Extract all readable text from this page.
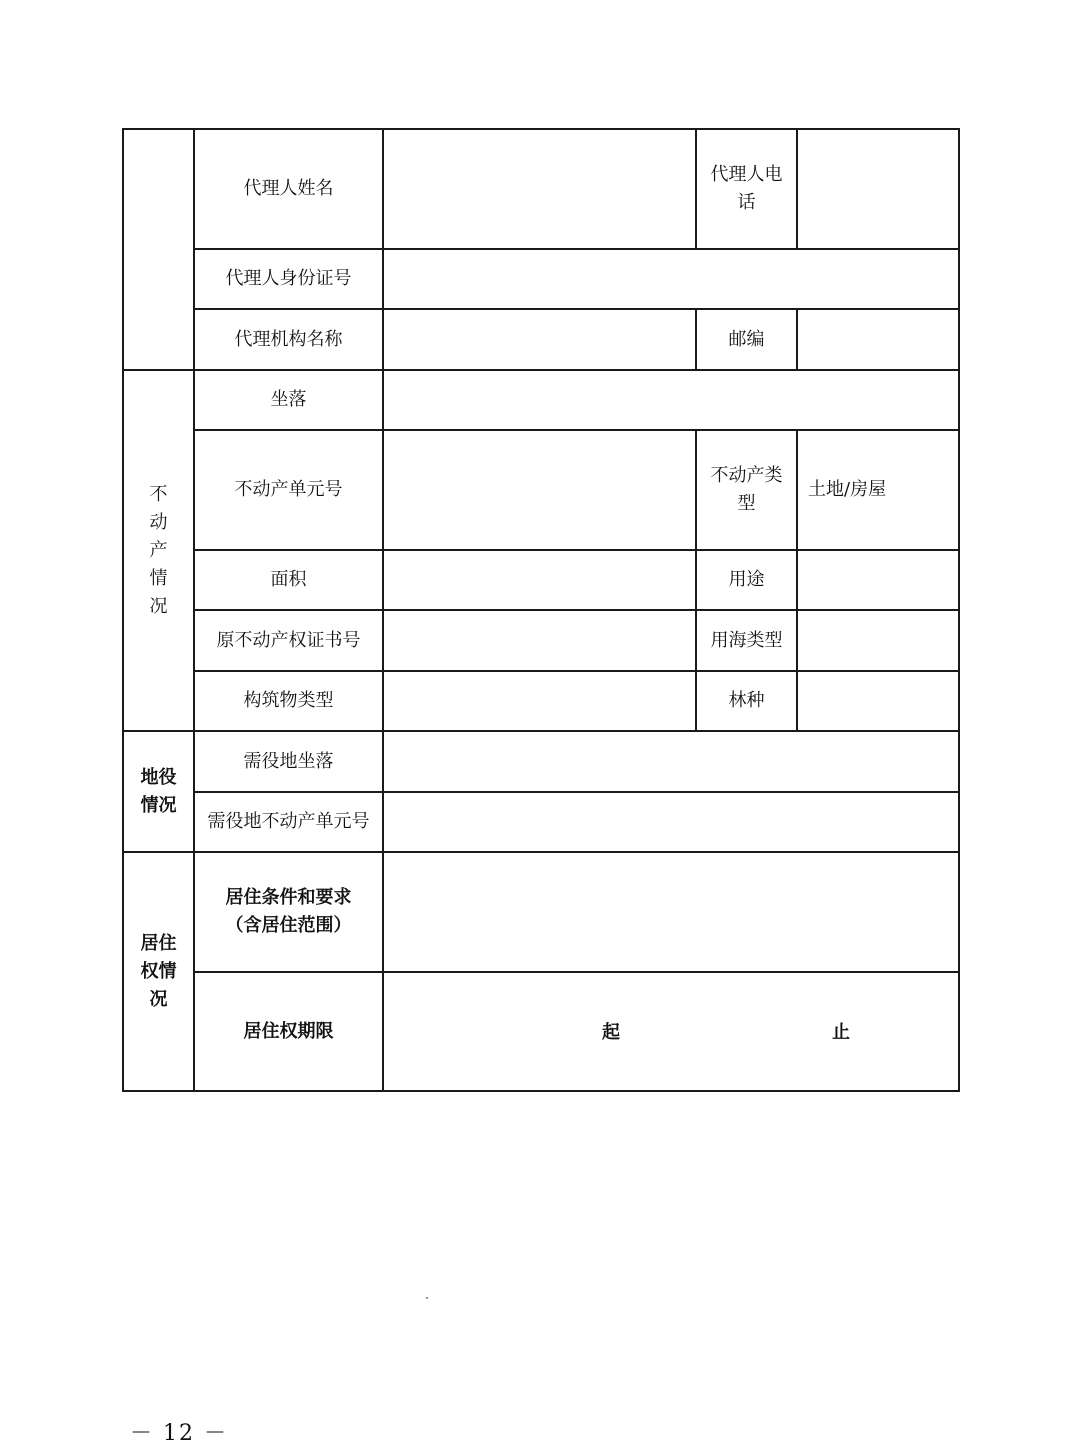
	代理人姓名		代理人电话	
	代理人身份证号			
	代理机构名称		邮编	
不动产情况	坐落			
	不动产单元号		不动产类型	土地/房屋
	面积		用途	
	原不动产权证书号		用海类型	
	构筑物类型		林种	
地役情况	需役地坐落			
	需役地不动产单元号			
居住权情况	居住条件和要求（含居住范围）			
	居住权期限	起 止		
－ 12 －
